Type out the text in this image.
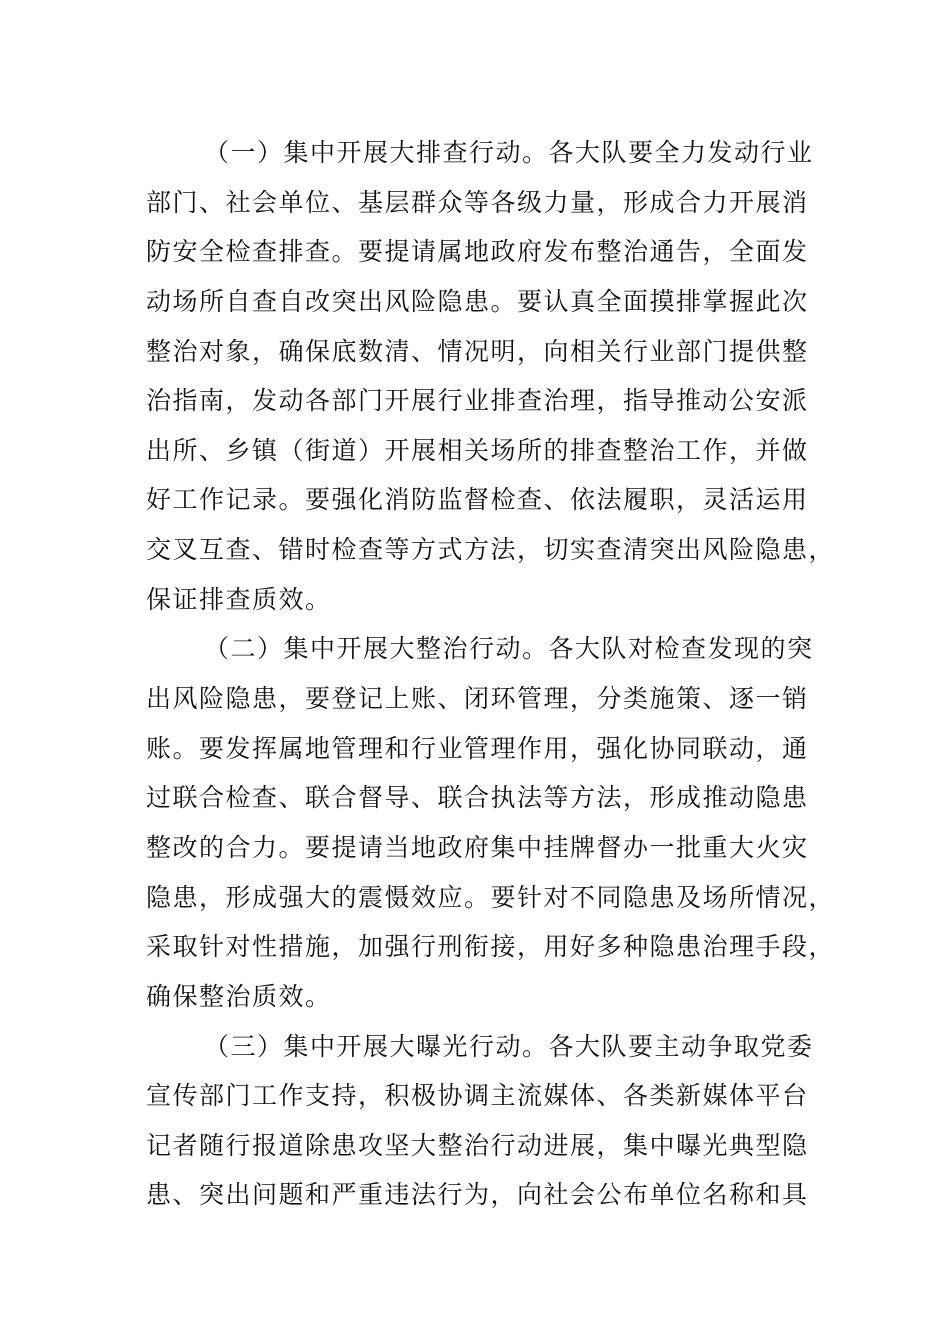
（一）集中开展大排查行动。各大队要全力发动行业
部门、社会单位、基层群众等各级力量，形成合力开展消
防安全检查排查。要提请属地政府发布整治通告，全面发
动场所自查自改突出风险隐患。要认真全面摸排掌握此次
整治对象，确保底数清、情况明，向相关行业部门提供整
治指南，发动各部门开展行业排查治理，指导推动公安派
出所、乡镇（街道）开展相关场所的排查整治工作，并做
好工作记录。要强化消防监督检查、依法履职，灵活运用
交叉互查、错时检查等方式方法，切实查清突出风险隐患，
保证排查质效。
（二）集中开展大整治行动。各大队对检查发现的突
出风险隐患，要登记上账、闭环管理，分类施策、逐一销
账。要发挥属地管理和行业管理作用，强化协同联动，通
过联合检查、联合督导、联合执法等方法，形成推动隐患
整改的合力。要提请当地政府集中挂牌督办一批重大火灾
隐患，形成强大的震慑效应。要针对不同隐患及场所情况，
采取针对性措施，加强行刑衔接，用好多种隐患治理手段，
确保整治质效。
（三）集中开展大曝光行动。各大队要主动争取党委
宣传部门工作支持，积极协调主流媒体、各类新媒体平台
记者随行报道除患攻坚大整治行动进展，集中曝光典型隐
患、突出问题和严重违法行为，向社会公布单位名称和具
